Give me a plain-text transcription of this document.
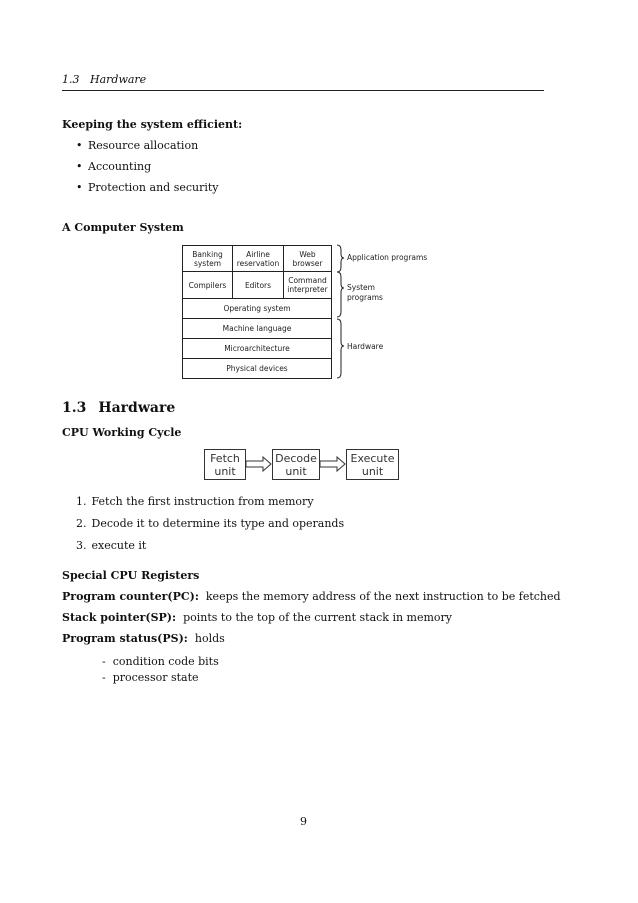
1.3 Hardware
Keeping the system efficient:
• Resource allocation
• Accounting
• Protection and security
A Computer System
Banking
system
Airline
reservation
Web
browser
Compilers Editors Command
interpreter
Operating system
Machine language
Microarchitecture
Physical devices
Application programs
System
programs
Hardware
1.3 Hardware
CPU Working Cycle
Fetch
unit
Decode
unit
Execute
unit
1. Fetch the first instruction from memory
2. Decode it to determine its type and operands
3. execute it
Special CPU Registers
Program counter(PC): keeps the memory address of the next instruction to be fetched
Stack pointer(SP): points to the top of the current stack in memory
Program status(PS): holds
-  condition code bits
-  processor state
9
